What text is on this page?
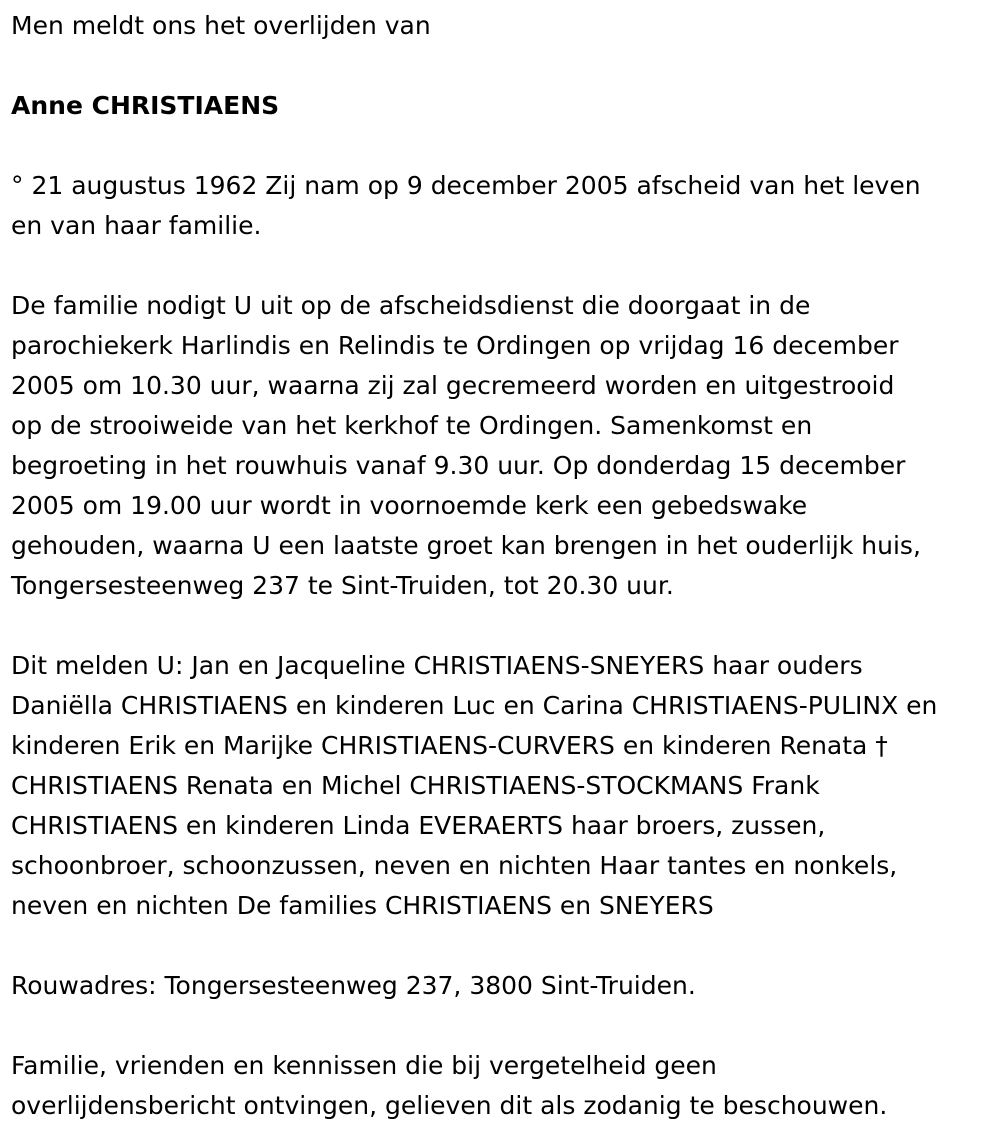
Men meldt ons het overlijden van

Anne CHRISTIAENS

° 21 augustus 1962 Zij nam op 9 december 2005 afscheid van het leven
en van haar familie.

De familie nodigt U uit op de afscheidsdienst die doorgaat in de
parochiekerk Harlindis en Relindis te Ordingen op vrijdag 16 december
2005 om 10.30 uur, waarna zij zal gecremeerd worden en uitgestrooid
op de strooiweide van het kerkhof te Ordingen. Samenkomst en
begroeting in het rouwhuis vanaf 9.30 uur. Op donderdag 15 december
2005 om 19.00 uur wordt in voornoemde kerk een gebedswake
gehouden, waarna U een laatste groet kan brengen in het ouderlijk huis,
Tongersesteenweg 237 te Sint-Truiden, tot 20.30 uur.

Dit melden U: Jan en Jacqueline CHRISTIAENS-SNEYERS haar ouders
Daniëlla CHRISTIAENS en kinderen Luc en Carina CHRISTIAENS-PULINX en
kinderen Erik en Marijke CHRISTIAENS-CURVERS en kinderen Renata †
CHRISTIAENS Renata en Michel CHRISTIAENS-STOCKMANS Frank
CHRISTIAENS en kinderen Linda EVERAERTS haar broers, zussen,
schoonbroer, schoonzussen, neven en nichten Haar tantes en nonkels,
neven en nichten De families CHRISTIAENS en SNEYERS

Rouwadres: Tongersesteenweg 237, 3800 Sint-Truiden.

Familie, vrienden en kennissen die bij vergetelheid geen
overlijdensbericht ontvingen, gelieven dit als zodanig te beschouwen.
